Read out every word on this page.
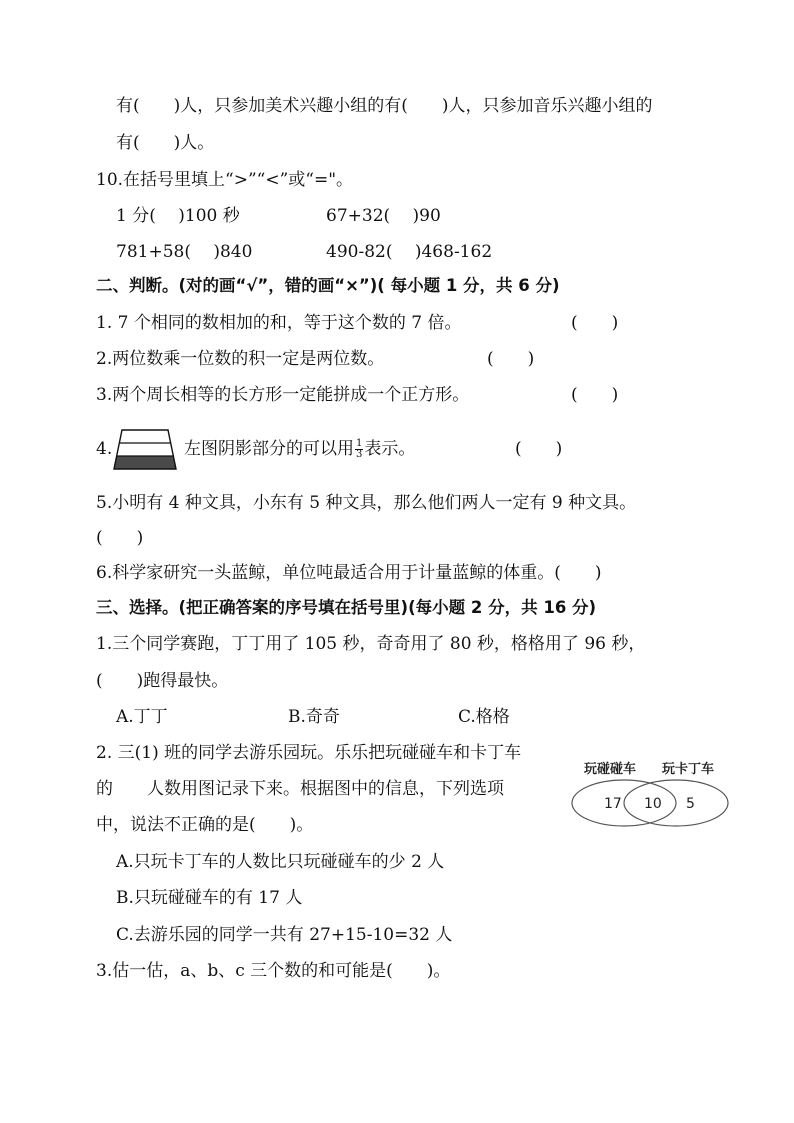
有(　　)人，只参加美术兴趣小组的有(　　)人，只参加音乐兴趣小组的
有(　　)人。
10.在括号里填上“>”“<”或“="。
1 分(　 )100 秒	67+32(　 )90
781+58(　 )840	490-82(　 )468-162
二、判断。(对的画“√”，错的画“×”)( 每小题 1 分，共 6 分)
1. 7 个相同的数相加的和，等于这个数的 7 倍。	(　　)
2.两位数乘一位数的积一定是两位数。	(　　)
3.两个周长相等的长方形一定能拼成一个正方形。	(　　)
4.	左图阴影部分的可以用 $\frac{1}{3}$ 表示。	(　　)
5.小明有 4 种文具，小东有 5 种文具，那么他们两人一定有 9 种文具。
(　　)
6.科学家研究一头蓝鲸，单位吨最适合用于计量蓝鲸的体重。(　　)
三、选择。(把正确答案的序号填在括号里)(每小题 2 分，共 16 分)
1.三个同学赛跑，丁丁用了 105 秒，奇奇用了 80 秒，格格用了 96 秒，
(　　)跑得最快。
A.丁丁	B.奇奇	C.格格
2. 三(1) 班的同学去游乐园玩。乐乐把玩碰碰车和卡丁车
的　　人数用图记录下来。根据图中的信息，下列选项
中，说法不正确的是(　　)。
玩碰碰车 玩卡丁车
17 10 5
A.只玩卡丁车的人数比只玩碰碰车的少 2 人
B.只玩碰碰车的有 17 人
C.去游乐园的同学一共有 27+15-10=32 人
3.估一估，a、b、c 三个数的和可能是(　　)。
